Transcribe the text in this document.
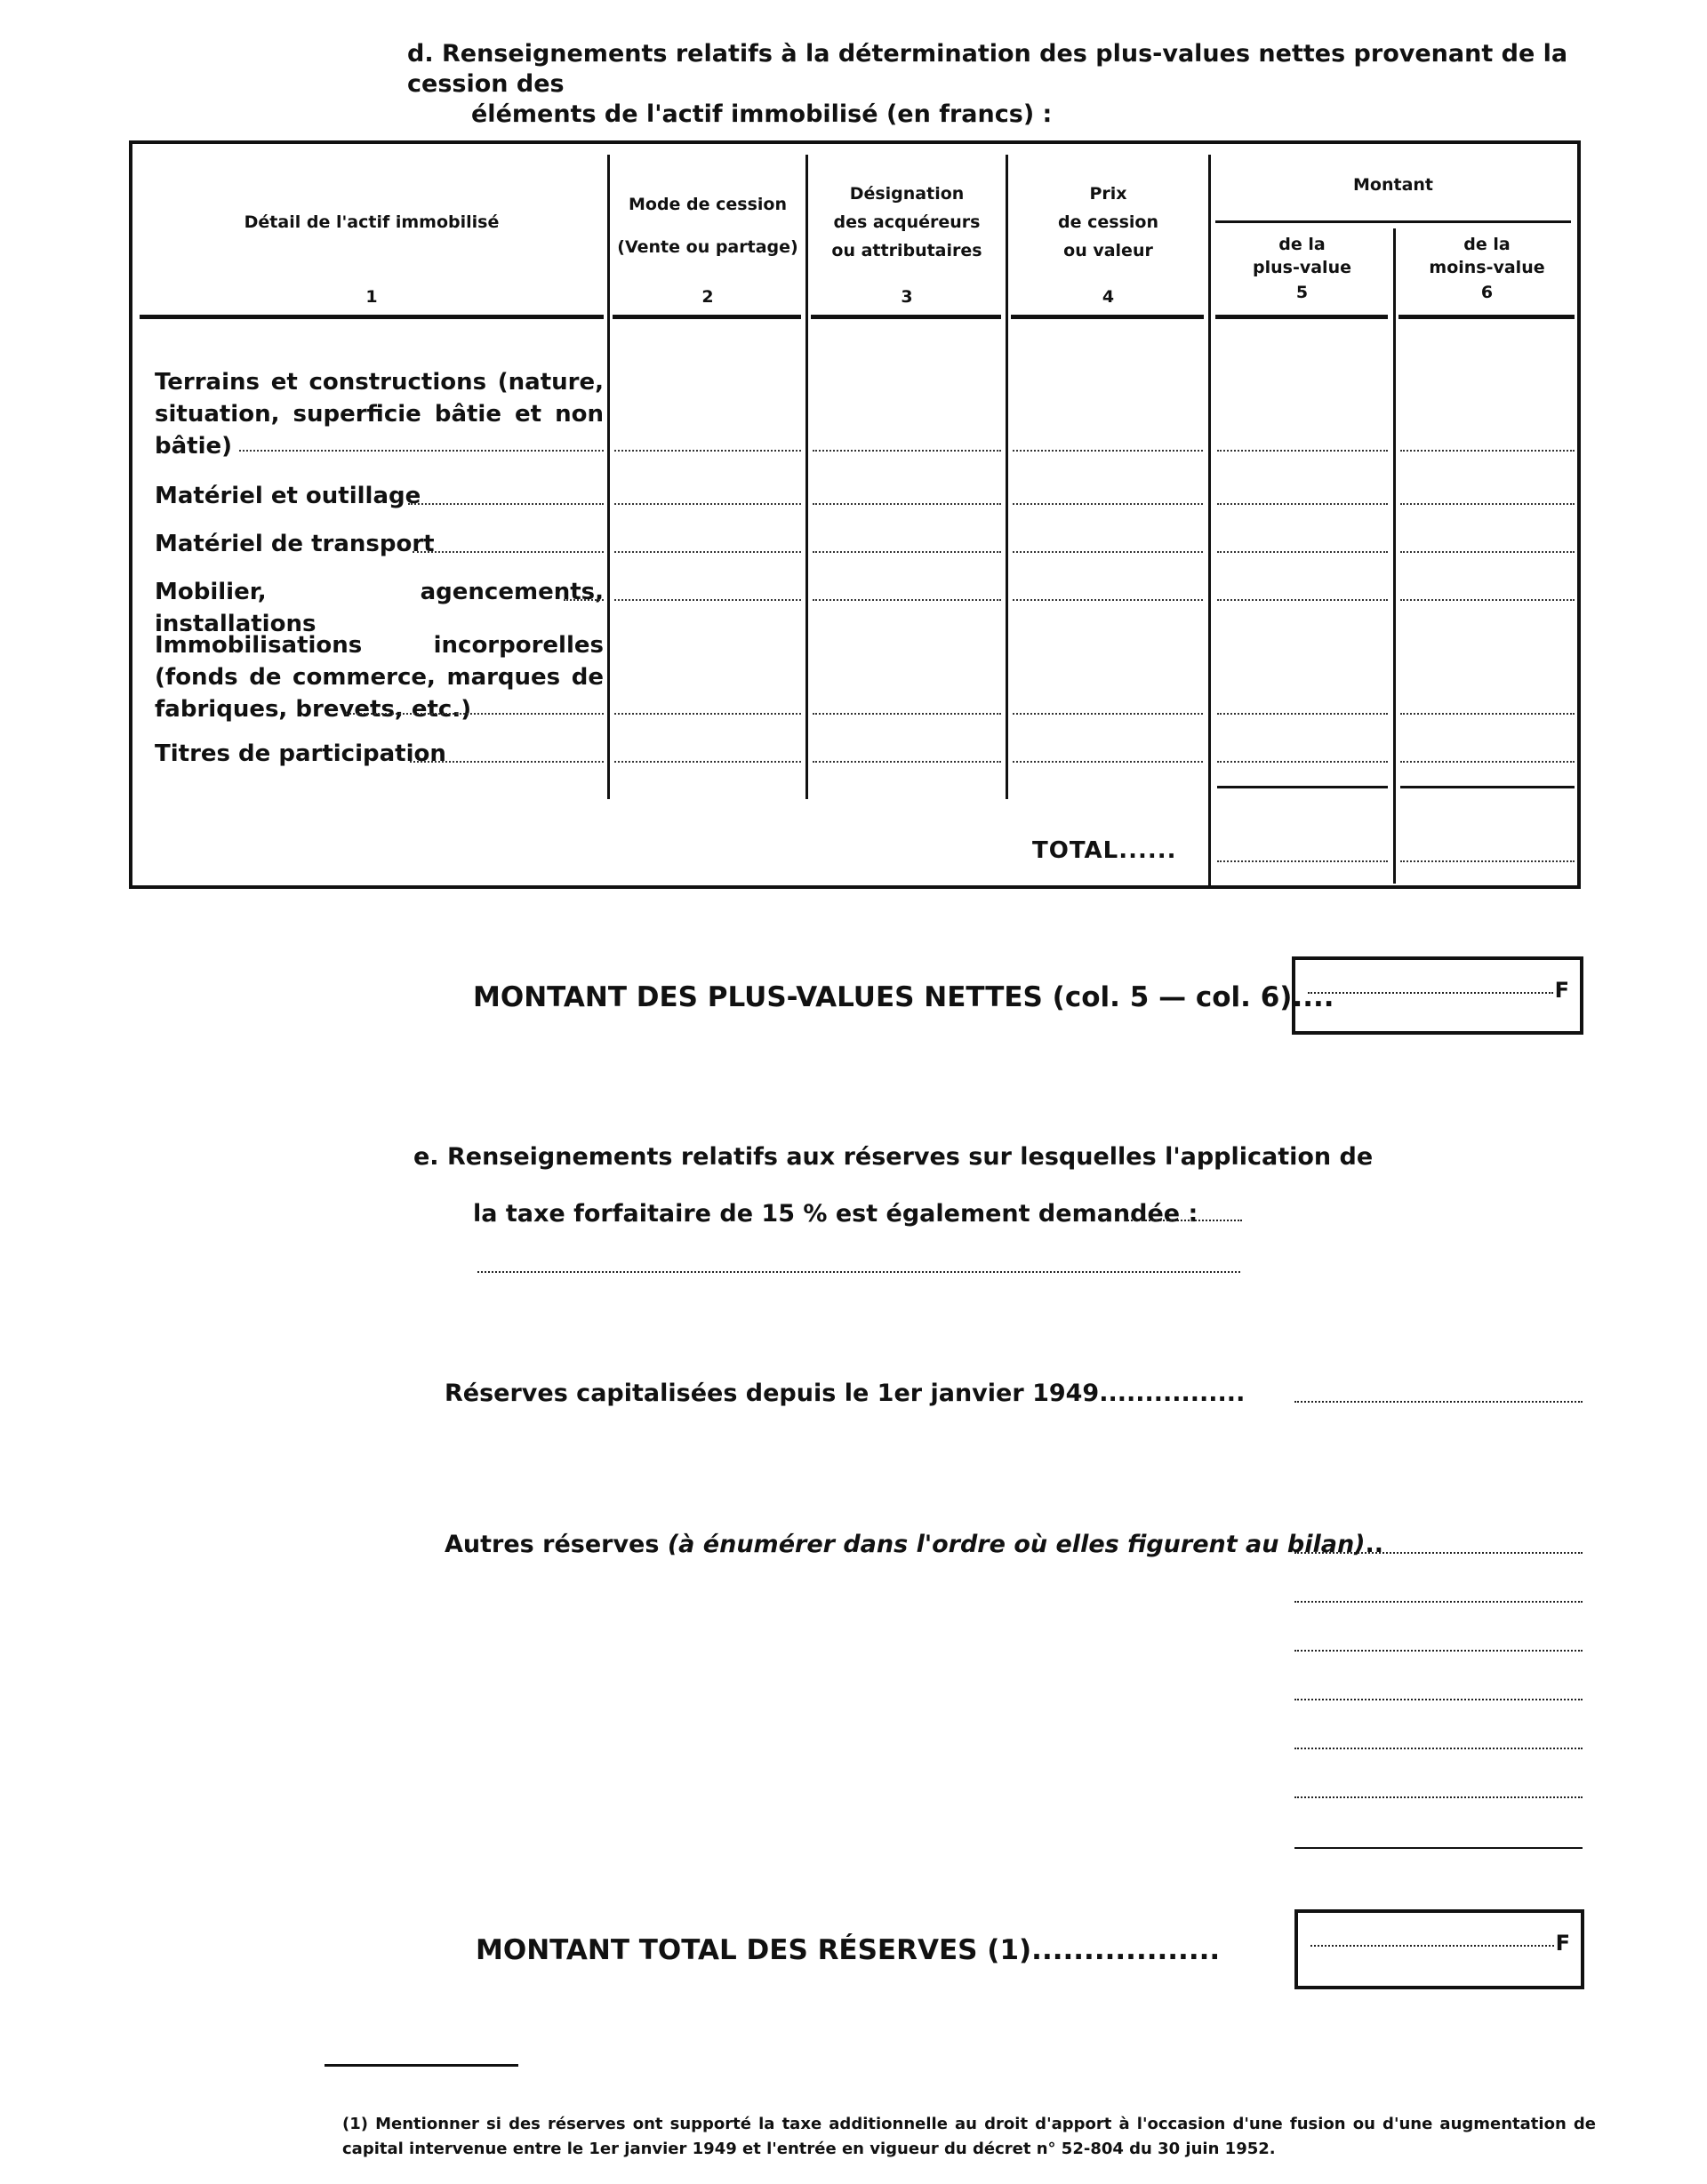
d. Renseignements relatifs à la détermination des plus-values nettes provenant de la cession des
éléments de l'actif immobilisé (en francs) :
Détail de l'actif immobilisé
1
Mode de cession
(Vente ou partage)
2
Désignation
des acquéreurs
ou attributaires
3
Prix
de cession
ou valeur
4
Montant
de la
plus-value
5
de la
moins-value
6
Terrains et constructions (nature, situation, superficie bâtie et non bâtie)
Matériel et outillage
Matériel de transport
Mobilier, agencements, installations
Immobilisations incorporelles (fonds de commerce, marques de fabriques, brevets, etc.)
Titres de participation
TOTAL......
MONTANT DES PLUS-VALUES NETTES (col. 5 — col. 6)....	F
e. Renseignements relatifs aux réserves sur lesquelles l'application de
la taxe forfaitaire de 15 % est également demandée :
Réserves capitalisées depuis le 1er janvier 1949................
Autres réserves (à énumérer dans l'ordre où elles figurent au bilan)..
MONTANT TOTAL DES RÉSERVES (1)..................	F
(1) Mentionner si des réserves ont supporté la taxe additionnelle au droit d'apport à l'occasion d'une fusion ou d'une augmentation de capital intervenue entre le 1er janvier 1949 et l'entrée en vigueur du décret n° 52-804 du 30 juin 1952.
